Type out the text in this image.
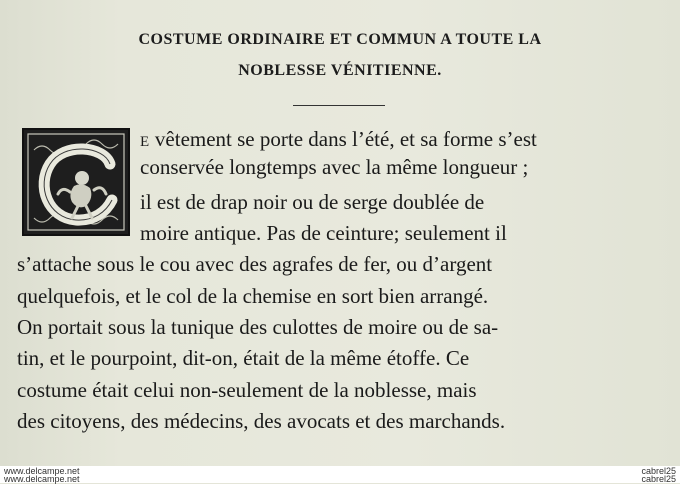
COSTUME ORDINAIRE ET COMMUN A TOUTE LA
NOBLESSE VÉNITIENNE.
E vêtement se porte dans l’été, et sa forme s’est
conservée longtemps avec la même longueur ;
il est de drap noir ou de serge doublée de
moire antique. Pas de ceinture; seulement il
s’attache sous le cou avec des agrafes de fer, ou d’argent
quelquefois, et le col de la chemise en sort bien arrangé.
On portait sous la tunique des culottes de moire ou de sa-
tin, et le pourpoint, dit-on, était de la même étoffe. Ce
costume était celui non-seulement de la noblesse, mais
des citoyens, des médecins, des avocats et des marchands.
www.delcampe.net
www.delcampe.net
cabrel25
cabrel25
